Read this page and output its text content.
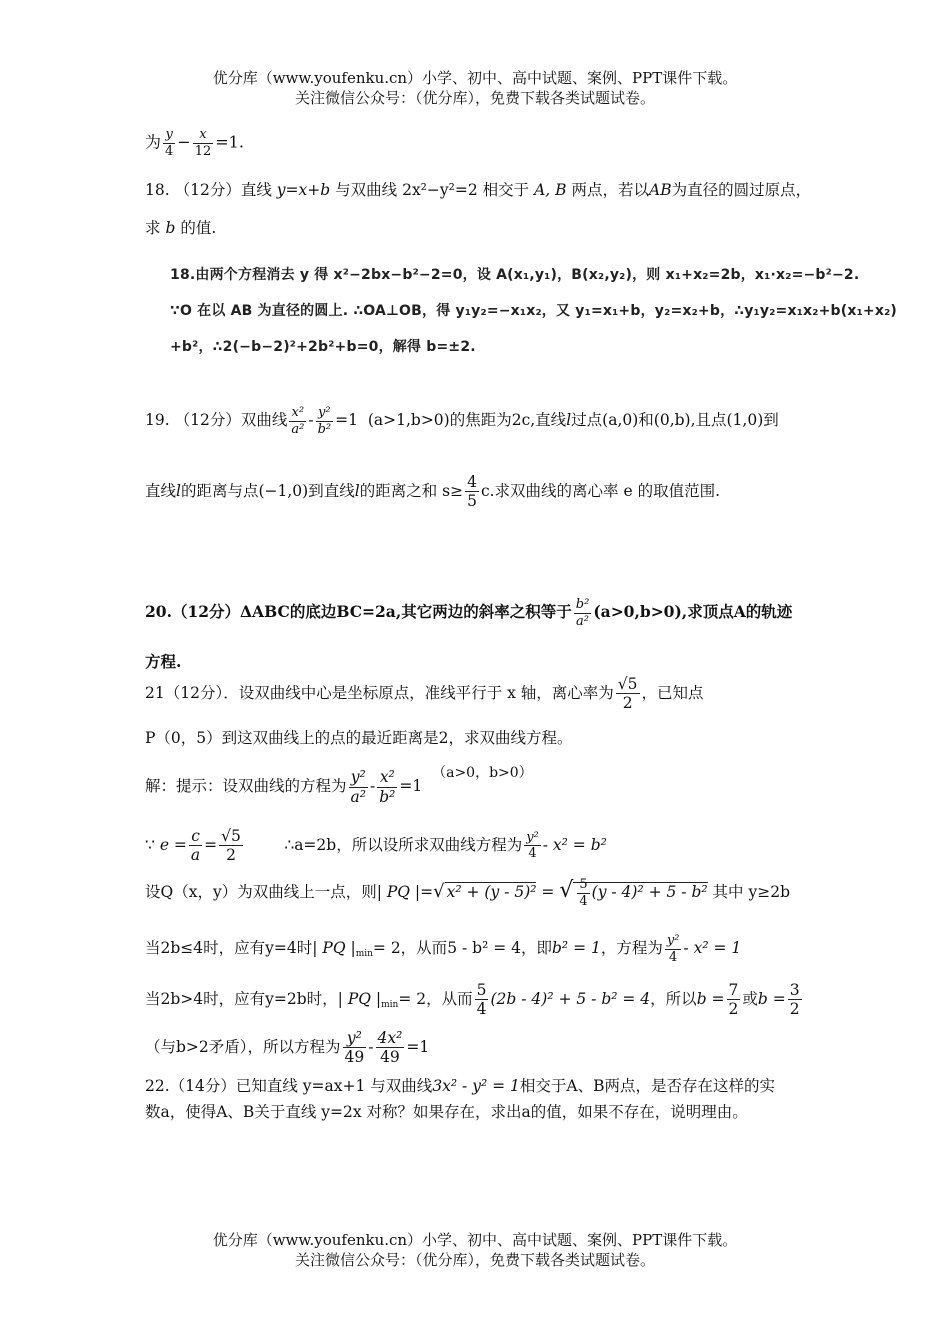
优分库（www.youfenku.cn）小学、初中、高中试题、案例、PPT课件下载。
关注微信公众号：（优分库），免费下载各类试题试卷。
为 $\frac{y}{4} - \frac{x}{12} =1$.
18. （12分）直线 y=x+b 与双曲线 2x²−y²=2 相交于 A, B 两点，若以AB为直径的圆过原点，
求 b 的值.
18.由两个方程消去 y 得 x²−2bx−b²−2=0，设 A(x₁,y₁)，B(x₂,y₂)，则 x₁+x₂=2b，x₁·x₂=−b²−2.
∵O 在以 AB 为直径的圆上. ∴OA⊥OB，得 y₁y₂=−x₁x₂，又 y₁=x₁+b，y₂=x₂+b，∴y₁y₂=x₁x₂+b(x₁+x₂)
+b²，∴2(−b−2)²+2b²+b=0，解得 b=±2.
19. （12分）双曲线 $\frac{\text{x²}}{\text{a²}} - \frac{\text{y²}}{\text{b²}} =1$ (a>1,b>0)的焦距为2c,直线l过点(a,0)和(0,b),且点(1,0)到
直线l的距离与点(−1,0)到直线l的距离之和 $s\ge \frac{4}{5} c$.求双曲线的离心率 e 的取值范围.
20.（12分）ΔABC的底边BC=2a,其它两边的斜率之积等于 $\frac{\text{b²}}{\text{a²}} (a>0,b>0)$,求顶点A的轨迹
方程.
21（12分）．设双曲线中心是坐标原点，准线平行于 x 轴，离心率为 $\frac{√5}{2}$ ，已知点
P（0，5）到这双曲线上的点的最近距离是2，求双曲线方程。
解：提示：设双曲线的方程为 $\frac{\text{y²}}{\text{a²}} - \frac{\text{x²}}{\text{b²}} =1$  （a>0，b>0）
∵ $e = \frac{c}{a} = \frac{√5}{2}$	∴a=2b，所以设所求双曲线方程为 $\frac{\text{y²}}{4} - x^2 = b^2$
设Q（x，y）为双曲线上一点，则| PQ |=√ x² + (y - 5)² = √ $\frac{5}{4} (y - 4)^2 + 5 - b^2$ 其中 y≥2b
当2b≤4时，应有y=4时| PQ $|_{min}= 2$，从而5 - b² = 4，即b² = 1，方程为 $\frac{\text{y²}}{4} - x^2 = 1$
当2b>4时，应有y=2b时，| PQ $|_{min}= 2$，从而 $\frac{5}{4} (2b - 4)^2 + 5 - b^2 = 4$，所以$b = \frac{7}{2}$ 或$b = \frac{3}{2}$
（与b>2矛盾），所以方程为 $\frac{\text{y²}}{49} - \frac{\text{4x²}}{49} =1$
22.（14分）已知直线 y=ax+1 与双曲线3x² - y² = 1相交于A、B两点，是否存在这样的实
数a，使得A、B关于直线 y=2x 对称？如果存在，求出a的值，如果不存在，说明理由。
优分库（www.youfenku.cn）小学、初中、高中试题、案例、PPT课件下载。
关注微信公众号：（优分库），免费下载各类试题试卷。
